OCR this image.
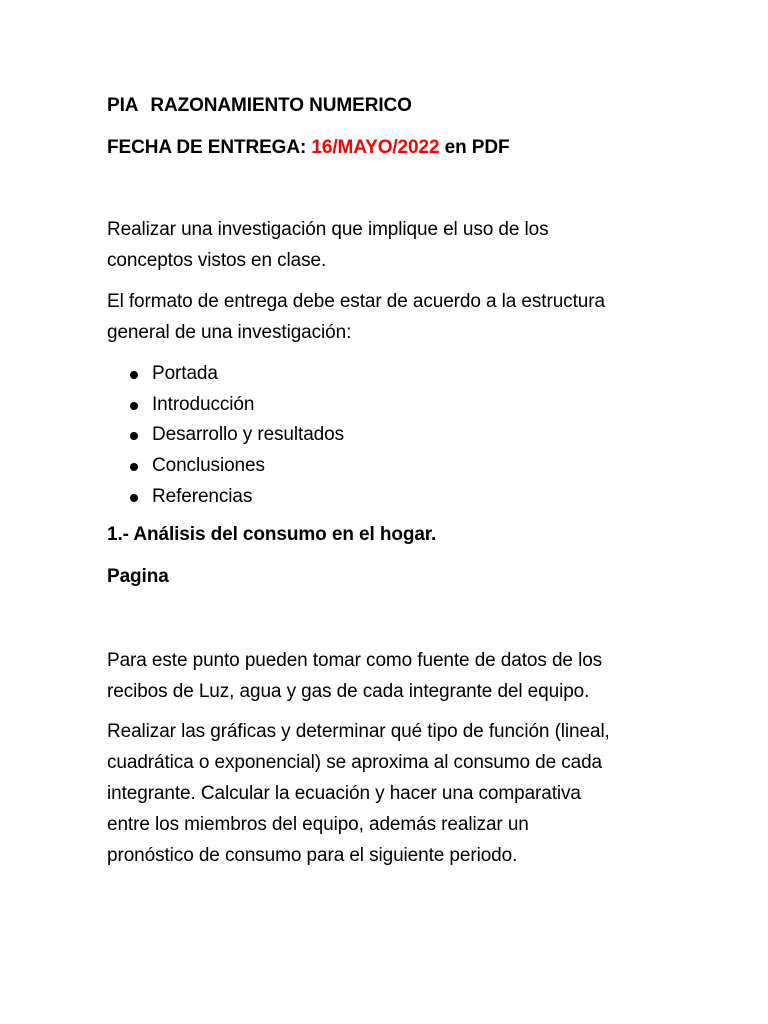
PIA RAZONAMIENTO NUMERICO
FECHA DE ENTREGA: 16/MAYO/2022 en PDF
Realizar una investigación que implique el uso de los
conceptos vistos en clase.
El formato de entrega debe estar de acuerdo a la estructura
general de una investigación:
Portada
Introducción
Desarrollo y resultados
Conclusiones
Referencias
1.- Análisis del consumo en el hogar.
Pagina
Para este punto pueden tomar como fuente de datos de los
recibos de Luz, agua y gas de cada integrante del equipo.
Realizar las gráficas y determinar qué tipo de función (lineal,
cuadrática o exponencial) se aproxima al consumo de cada
integrante. Calcular la ecuación y hacer una comparativa
entre los miembros del equipo, además realizar un
pronóstico de consumo para el siguiente periodo.
